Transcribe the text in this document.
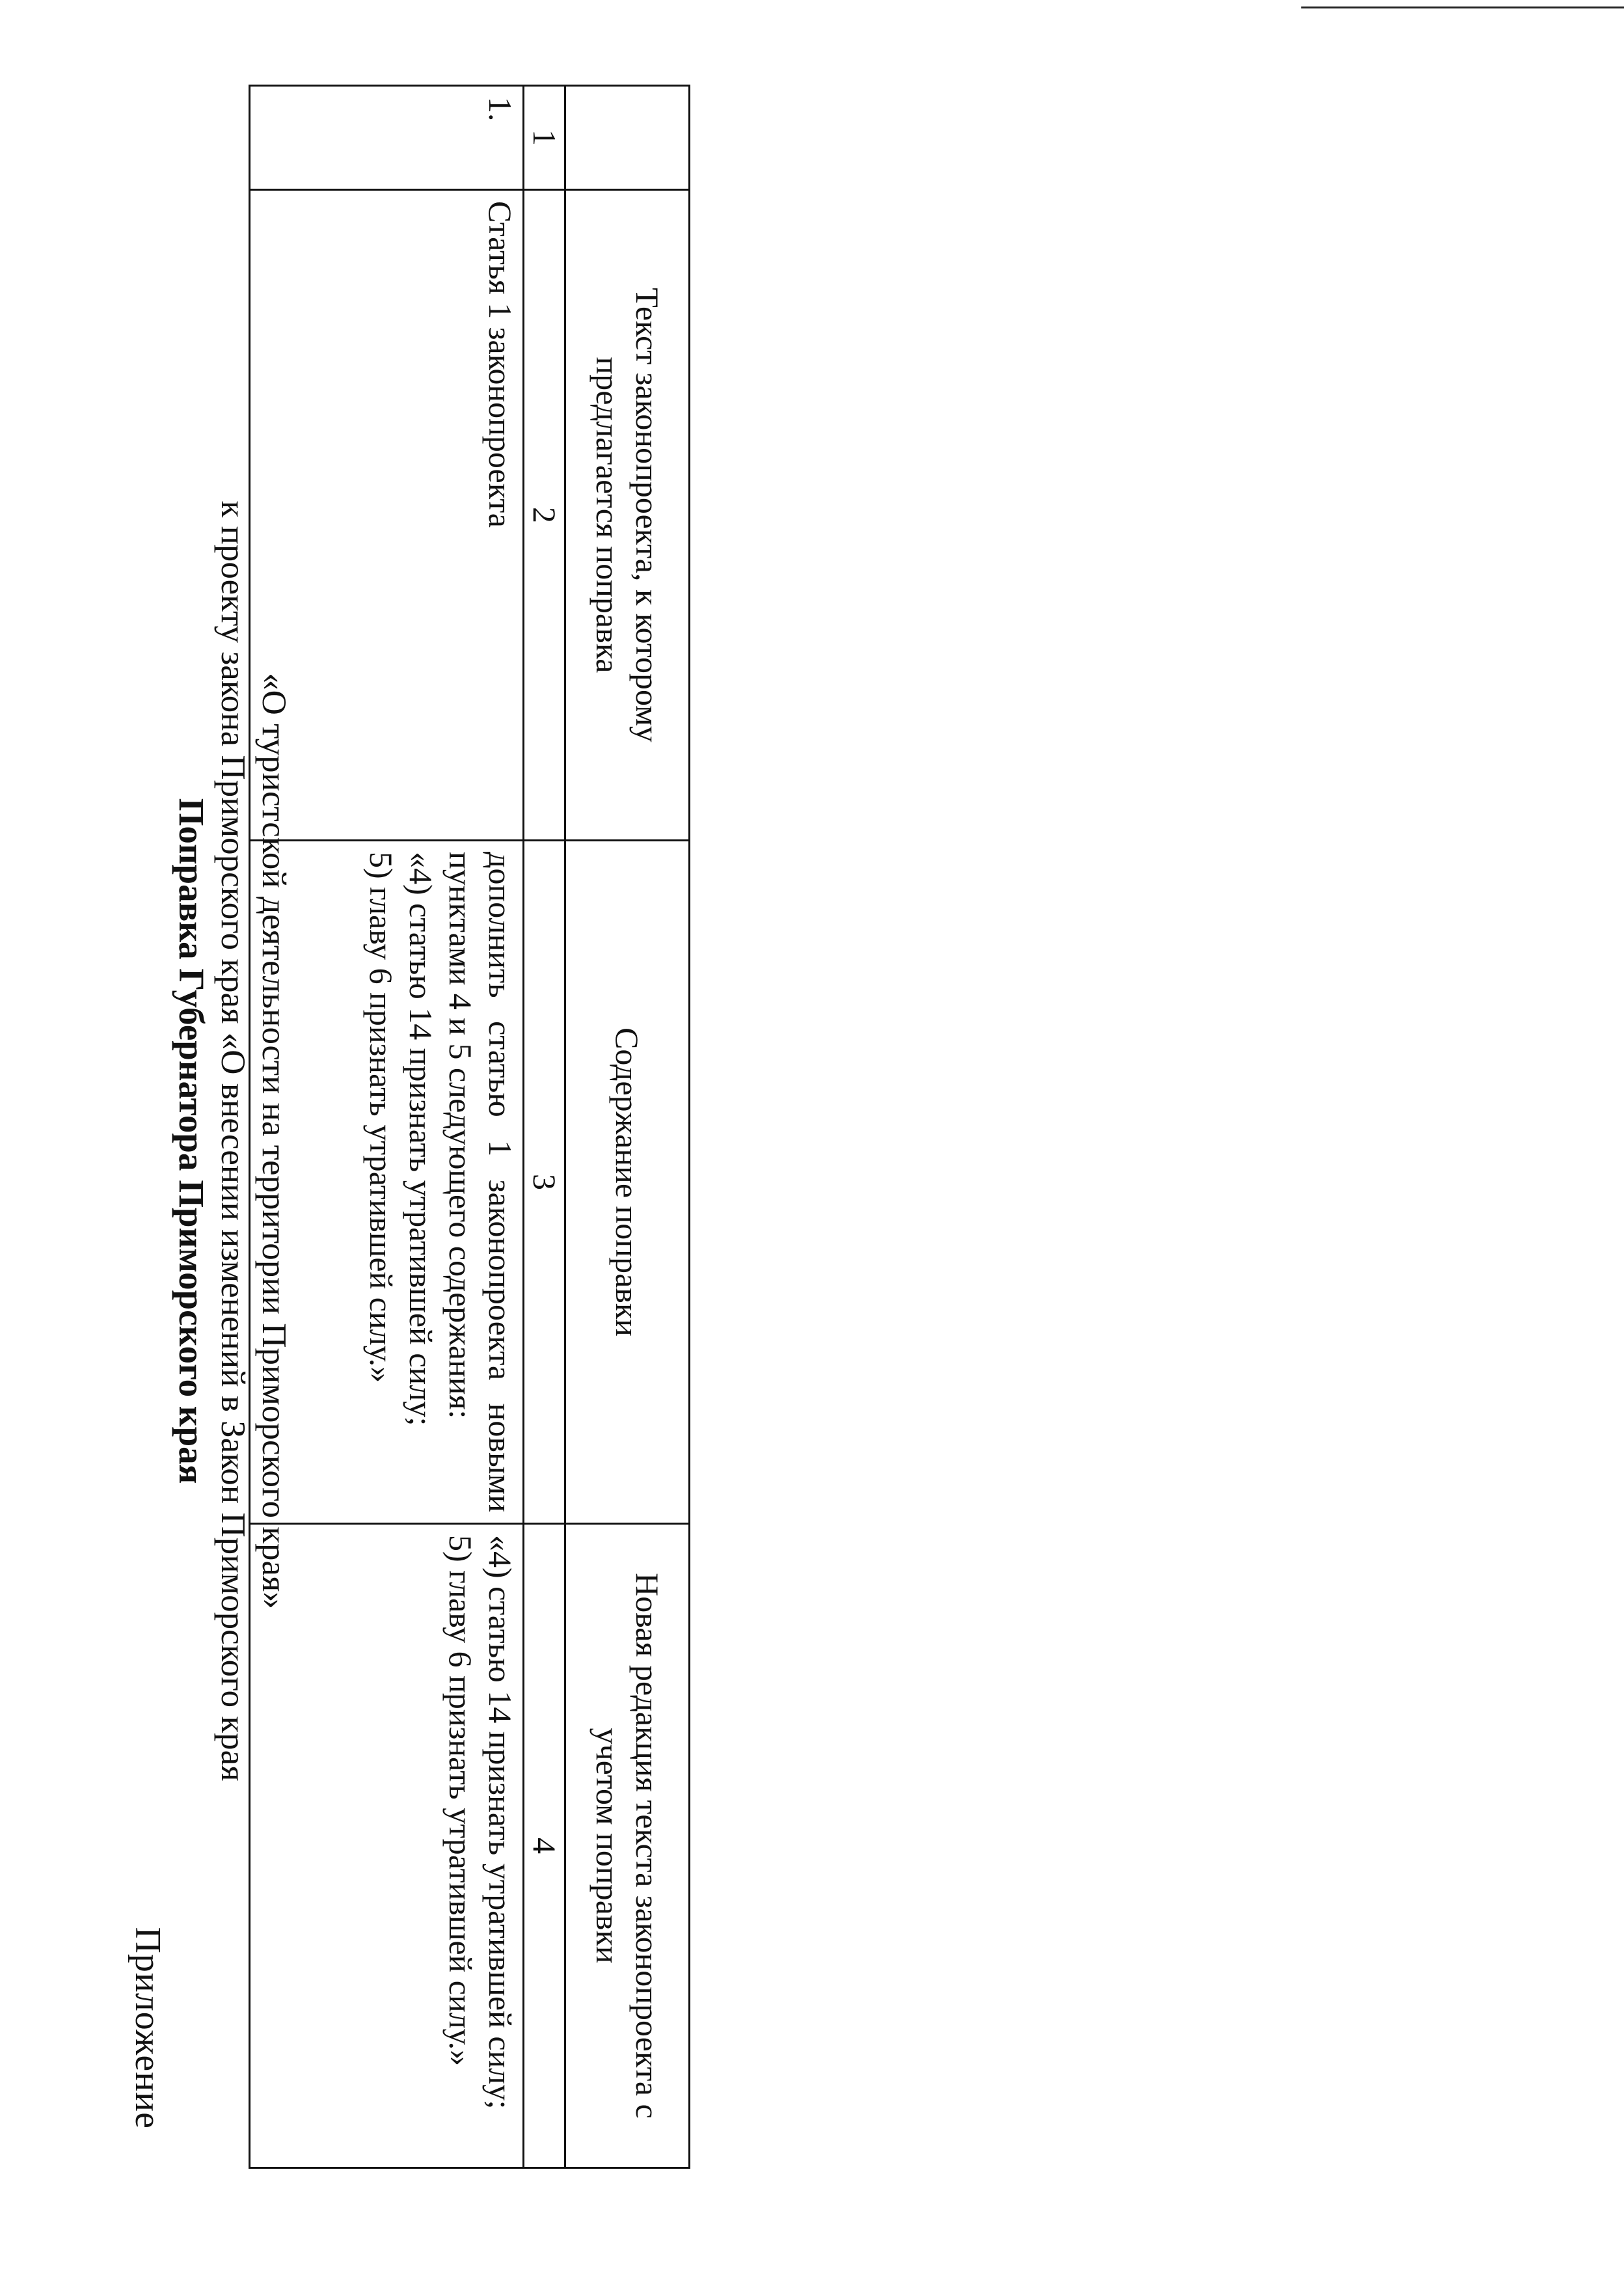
Приложение
Поправка Губернатора Приморского края к проекту закона Приморского края «О внесении изменений в Закон Приморского края «О туристской деятельности на территории Приморского края»
	Текст законопроекта, к которому предлагается поправка	Содержание поправки	Новая редакция текста законопроекта с учетом поправки
1	2	3	4
1.	Статья 1 законопроекта	дополнить статью 1 законопроекта новыми пунктами 4 и 5 следующего содержания:
«4) статью 14 признать утратившей силу;
5) главу 6 признать утратившей силу.»	«4) статью 14 признать утратившей силу;
5) главу 6 признать утратившей силу.»
